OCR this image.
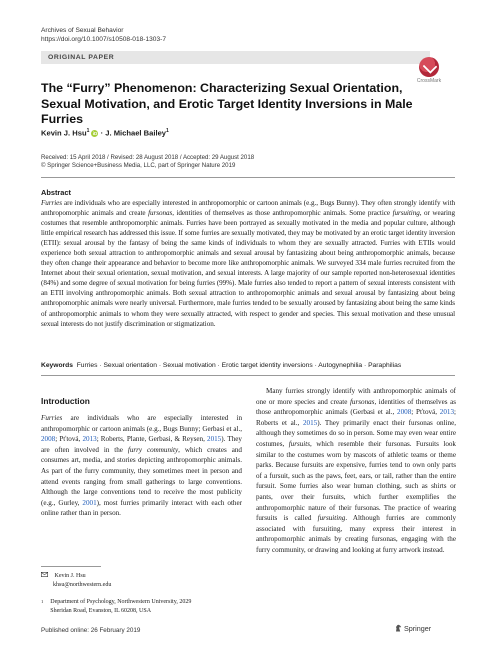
Archives of Sexual Behavior
https://doi.org/10.1007/s10508-018-1303-7
ORIGINAL PAPER
CrossMark
The “Furry” Phenomenon: Characterizing Sexual Orientation, Sexual Motivation, and Erotic Target Identity Inversions in Male Furries
Kevin J. Hsu$^1$ iD · J. Michael Bailey$^1$
Received: 15 April 2018 / Revised: 28 August 2018 / Accepted: 29 August 2018
© Springer Science+Business Media, LLC, part of Springer Nature 2019
Abstract
Furries are individuals who are especially interested in anthropomorphic or cartoon animals (e.g., Bugs Bunny). They often strongly identify with anthropomorphic animals and create fursonas, identities of themselves as those anthropomorphic animals. Some practice fursuiting, or wearing costumes that resemble anthropomorphic animals. Furries have been portrayed as sexually motivated in the media and popular culture, although little empirical research has addressed this issue. If some furries are sexually motivated, they may be motivated by an erotic target identity inversion (ETII): sexual arousal by the fantasy of being the same kinds of individuals to whom they are sexually attracted. Furries with ETIIs would experience both sexual attraction to anthropomorphic animals and sexual arousal by fantasizing about being anthropomorphic animals, because they often change their appearance and behavior to become more like anthropomorphic animals. We surveyed 334 male furries recruited from the Internet about their sexual orientation, sexual motivation, and sexual interests. A large majority of our sample reported non-heterosexual identities (84%) and some degree of sexual motivation for being furries (99%). Male furries also tended to report a pattern of sexual interests consistent with an ETII involving anthropomorphic animals. Both sexual attraction to anthropomorphic animals and sexual arousal by fantasizing about being anthropomorphic animals were nearly universal. Furthermore, male furries tended to be sexually aroused by fantasizing about being the same kinds of anthropomorphic animals to whom they were sexually attracted, with respect to gender and species. This sexual motivation and these unusual sexual interests do not justify discrimination or stigmatization.
Keywords Furries · Sexual orientation · Sexual motivation · Erotic target identity inversions · Autogynephilia · Paraphilias
Introduction
Furries are individuals who are especially interested in anthropomorphic or cartoon animals (e.g., Bugs Bunny; Gerbasi et al., 2008; Pťtová, 2013; Roberts, Plante, Gerbasi, & Reysen, 2015). They are often involved in the furry community, which creates and consumes art, media, and stories depicting anthropomorphic animals. As part of the furry community, they sometimes meet in person and attend events ranging from small gatherings to large conventions. Although the large conventions tend to receive the most publicity (e.g., Gurley, 2001), most furries primarily interact with each other online rather than in person.
Many furries strongly identify with anthropomorphic animals of one or more species and create fursonas, identities of themselves as those anthropomorphic animals (Gerbasi et al., 2008; Pťtová, 2013; Roberts et al., 2015). They primarily enact their fursonas online, although they sometimes do so in person. Some may even wear entire costumes, fursuits, which resemble their fursonas. Fursuits look similar to the costumes worn by mascots of athletic teams or theme parks. Because fursuits are expensive, furries tend to own only parts of a fursuit, such as the paws, feet, ears, or tail, rather than the entire fursuit. Some furries also wear human clothing, such as shirts or pants, over their fursuits, which further exemplifies the anthropomorphic nature of their fursonas. The practice of wearing fursuits is called fursuiting. Although furries are commonly associated with fursuiting, many express their interest in anthropomorphic animals by creating fursonas, engaging with the furry community, or drawing and looking at furry artwork instead.
Kevin J. Hsu
khsu@northwestern.edu
$^1$ Department of Psychology, Northwestern University, 2029
Sheridan Road, Evanston, IL 60208, USA
Published online: 26 February 2019	Springer
